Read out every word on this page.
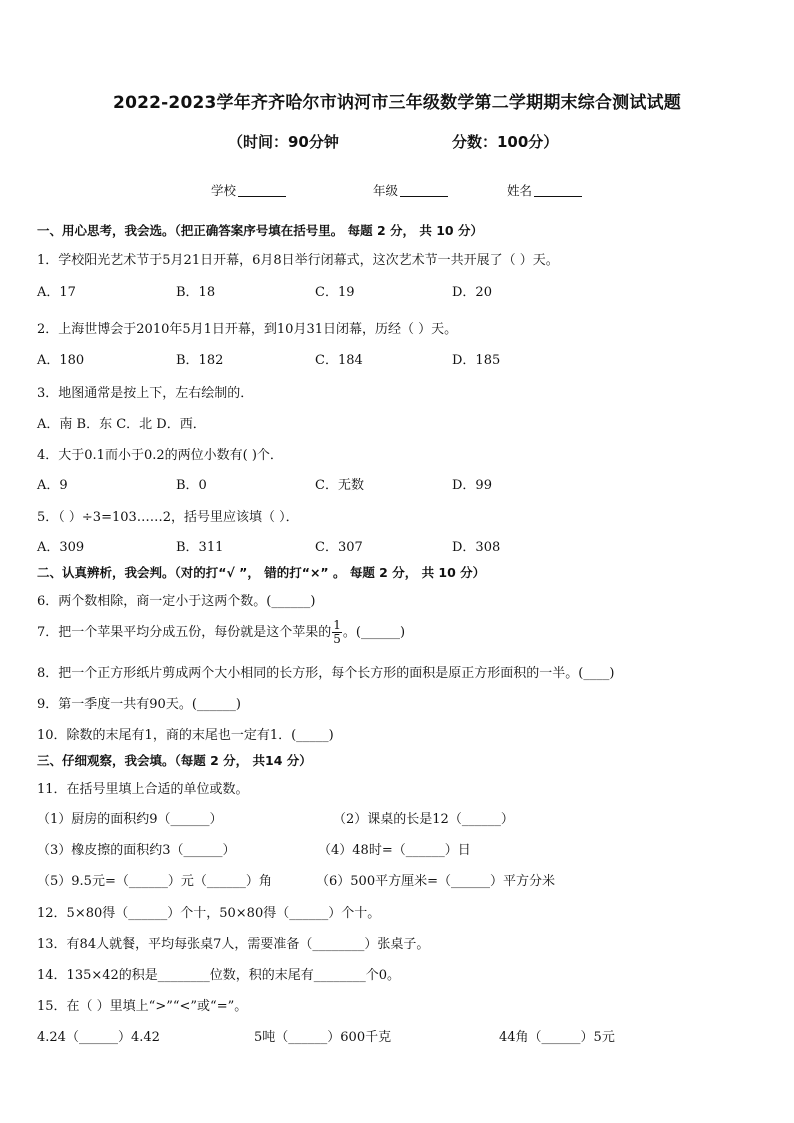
2022-2023学年齐齐哈尔市讷河市三年级数学第二学期期末综合测试试题
（时间：90分钟	分数：100分）
学校	年级	姓名
一、用心思考，我会选。（把正确答案序号填在括号里。 每题 2 分， 共 10 分）
1．学校阳光艺术节于5月21日开幕，6月8日举行闭幕式，这次艺术节一共开展了（ ）天。
A．17	B．18	C．19	D．20
2．上海世博会于2010年5月1日开幕，到10月31日闭幕，历经（ ）天。
A．180	B．182	C．184	D．185
3．地图通常是按上下，左右绘制的．
A．南 B．东 C．北 D．西．
4．大于0.1而小于0.2的两位小数有( )个．
A．9	B．0	C．无数	D．99
5．（ ）÷3=103……2，括号里应该填（ ）．
A．309	B．311	C．307	D．308
二、认真辨析，我会判。（对的打“√ ”， 错的打“×” 。 每题 2 分， 共 10 分）
6．两个数相除，商一定小于这两个数。(______)
7．把一个苹果平均分成五份，每份就是这个苹果的 $\frac{1}{5}$ 。(______)
8．把一个正方形纸片剪成两个大小相同的长方形，每个长方形的面积是原正方形面积的一半。(____)
9．第一季度一共有90天。(______)
10．除数的末尾有1，商的末尾也一定有1．(_____)
三、仔细观察，我会填。（每题 2 分， 共14 分）
11．在括号里填上合适的单位或数。
（1）厨房的面积约9（______）	（2）课桌的长是12（______）
（3）橡皮擦的面积约3（______）	（4）48时=（______）日
（5）9.5元=（______）元（______）角	（6）500平方厘米=（______）平方分米
12．5×80得（______）个十，50×80得（______）个十。
13．有84人就餐，平均每张桌7人，需要准备（________）张桌子。
14．135×42的积是________位数，积的末尾有________个0。
15．在（ ）里填上“>”“<”或“=”。
4.24（______）4.42	5吨（______）600千克	44角（______）5元
